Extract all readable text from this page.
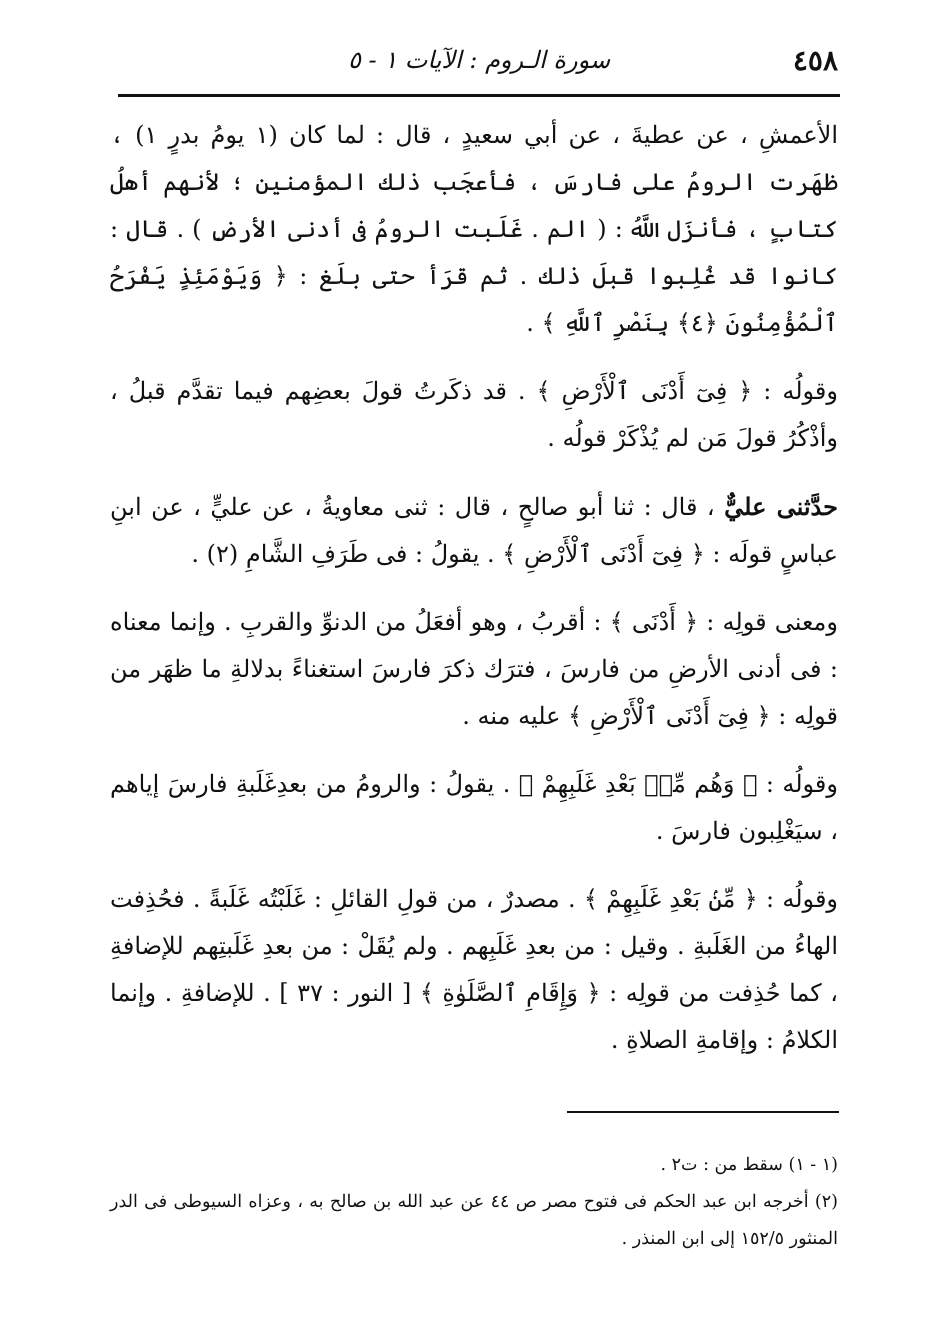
٤٥٨
سورة الـروم : الآيات ١ - ٥

الأعمشِ ، عن عطيةَ ، عن أبي سعيدٍ ، قال : لما كان (١ يومُ بدرٍ ١) ، ظهَرت الرومُ على فارسَ ، فأعجَب ذلك المؤمنين ؛ لأنهم أهلُ كتابٍ ، فأنزَل اللَّهُ : ( الم . غَلَبت الرومُ فى أدنى الأرضِ ) . قال : كانوا قد غُلِبوا قبلَ ذلك . ثم قرَأ حتى بلَغ : ﴿ وَيَوْمَئِذٍ يَفْرَحُ ٱلْمُؤْمِنُونَ ﴿٤﴾ بِنَصْرِ ٱللَّهِ ﴾ .

وقولُه : ﴿ فِىٓ أَدْنَى ٱلْأَرْضِ ﴾ . قد ذكَرتُ قولَ بعضِهم فيما تقدَّم قبلُ ، وأذْكُرُ قولَ مَن لم يُذْكَرْ قولُه .

حدَّثنى عليٌّ ، قال : ثنا أبو صالحٍ ، قال : ثنى معاويةُ ، عن عليٍّ ، عن ابنِ عباسٍ قولَه : ﴿ فِىٓ أَدْنَى ٱلْأَرْضِ ﴾ . يقولُ : فى طَرَفِ الشَّامِ (٢) .

ومعنى قولِه : ﴿ أَدْنَى ﴾ : أقربُ ، وهو أفعَلُ من الدنوِّ والقربِ . وإنما معناه : فى أدنى الأرضِ من فارسَ ، فترَك ذكرَ فارسَ استغناءً بدلالةِ ما ظهَر من قولِه : ﴿ فِىٓ أَدْنَى ٱلْأَرْضِ ﴾ عليه منه .

وقولُه : ﴿ وَهُم مِّنۢ بَعْدِ غَلَبِهِمْ ﴾ . يقولُ : والرومُ من بعدِغَلَبةِ فارسَ إياهم ، سيَغْلِبون فارسَ .

وقولُه : ﴿ مِّنۢ بَعْدِ غَلَبِهِمْ ﴾ . مصدرٌ ، من قولِ القائلِ : غَلَبْتُه غَلَبةً . فحُذِفت الهاءُ من الغَلَبةِ . وقيل : من بعدِ غَلَبِهم . ولم يُقَلْ : من بعدِ غَلَبتِهم للإضافةِ ، كما حُذِفت من قولِه : ﴿ وَإِقَامِ ٱلصَّلَوٰةِ ﴾ [ النور : ٣٧ ] . للإضافةِ . وإنما الكلامُ : وإقامةِ الصلاةِ .

(١ - ١) سقط من : ت٢ .

(٢) أخرجه ابن عبد الحكم فى فتوح مصر ص ٤٤ عن عبد الله بن صالح به ، وعزاه السيوطى فى الدر المنثور ١٥٢/٥ إلى ابن المنذر .
